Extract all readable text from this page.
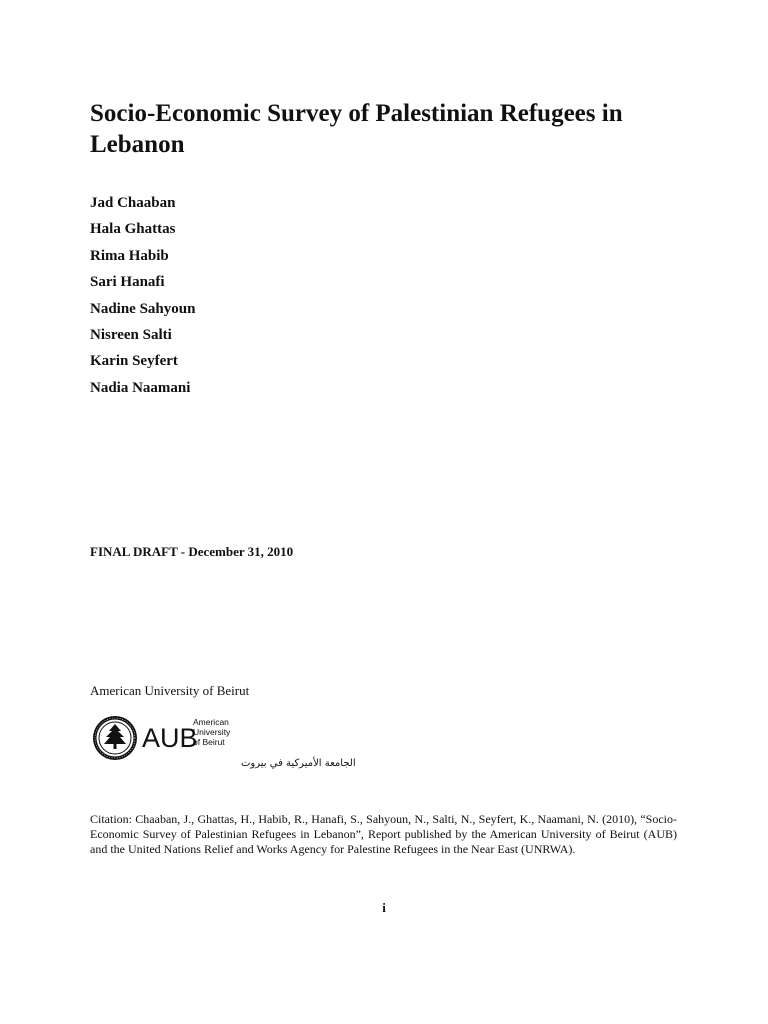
Socio-Economic Survey of Palestinian Refugees in Lebanon
Jad Chaaban
Hala Ghattas
Rima Habib
Sari Hanafi
Nadine Sahyoun
Nisreen Salti
Karin Seyfert
Nadia Naamani
FINAL DRAFT - December 31, 2010
American University of Beirut
AUB
American
University
of Beirut
الجامعة الأميركية في بيروت

Citation: Chaaban, J., Ghattas, H., Habib, R., Hanafi, S., Sahyoun, N., Salti, N., Seyfert, K., Naamani, N. (2010), “Socio-Economic Survey of Palestinian Refugees in Lebanon”, Report published by the American University of Beirut (AUB) and the United Nations Relief and Works Agency for Palestine Refugees in the Near East (UNRWA).

i
